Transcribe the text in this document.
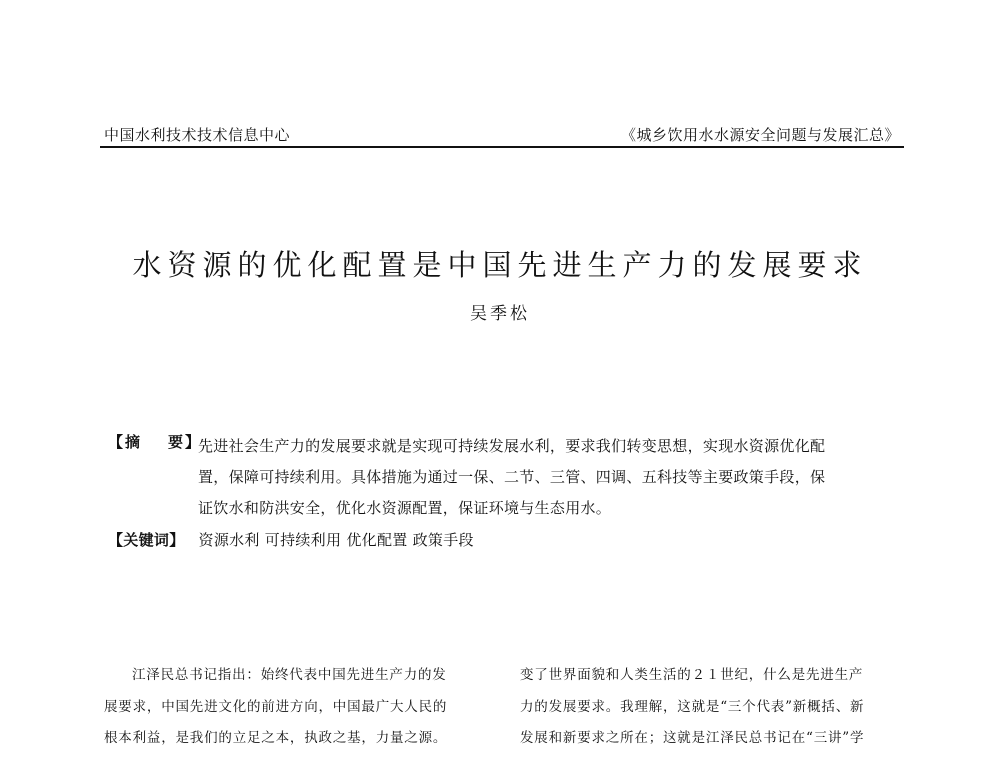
中国水利技术技术信息中心	《城乡饮用水水源安全问题与发展汇总》
水资源的优化配置是中国先进生产力的发展要求
吴季松
【摘 要】
先进社会生产力的发展要求就是实现可持续发展水利，要求我们转变思想，实现水资源优化配
置，保障可持续利用。具体措施为通过一保、二节、三管、四调、五科技等主要政策手段，保
证饮水和防洪安全，优化水资源配置，保证环境与生态用水。
【关键词】 资源水利 可持续利用 优化配置 政策手段
江泽民总书记指出：始终代表中国先进生产力的发
展要求，中国先进文化的前进方向，中国最广大人民的
根本利益，是我们的立足之本，执政之基，力量之源。
变了世界面貌和人类生活的２１世纪，什么是先进生产
力的发展要求。我理解，这就是“三个代表”新概括、新
发展和新要求之所在；这就是江泽民总书记在“三讲”学
